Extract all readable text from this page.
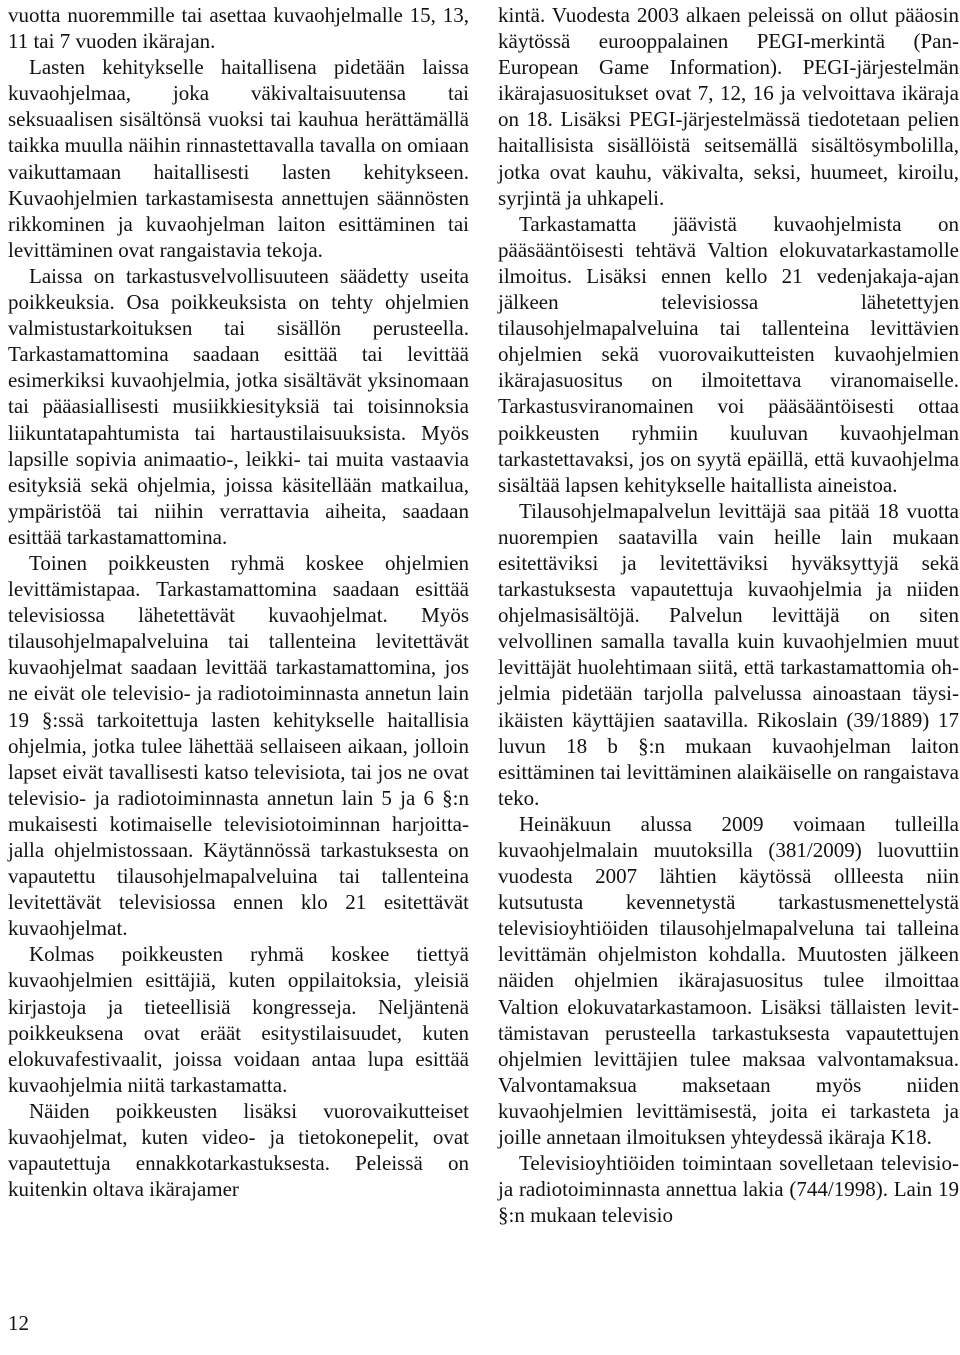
vuotta nuoremmille tai asettaa kuvaohjelmalle 15, 13, 11 tai 7 vuoden ikärajan.

Lasten kehitykselle haitallisena pidetään laissa kuvaohjelmaa, joka väkivaltaisuutensa tai seksuaalisen sisältönsä vuoksi tai kauhua herättämällä taikka muulla näihin rinnastettavalla tavalla on omiaan vaikuttamaan haitallisesti lasten kehitykseen. Kuvaohjelmien tarkastamisesta annettujen säännösten rikkominen ja kuvaohjelman laiton esittäminen tai levittäminen ovat rangaistavia tekoja.

Laissa on tarkastusvelvollisuuteen säädetty useita poikkeuksia. Osa poikkeuksista on tehty ohjelmien valmistustarkoituksen tai sisällön perusteella. Tarkastamattomina saadaan esittää tai levittää esimerkiksi kuvaohjelmia, jotka sisältävät yksinomaan tai pääasiallisesti musiikkiesityksiä tai toisinnoksia liikuntatapahtumista tai hartaustilaisuuksista. Myös lapsille sopivia animaatio-, leikki- tai muita vastaavia esityksiä sekä ohjelmia, joissa käsitellään matkailua, ympäristöä tai niihin verrattavia aiheita, saadaan esittää tarkastamattomina.

Toinen poikkeusten ryhmä koskee ohjelmien levittämistapaa. Tarkastamattomina saadaan esittää televisiossa lähetettävät kuvaohjelmat. Myös tilausohjelmapalveluina tai tallenteina levitettävät kuvaohjelmat saadaan levittää tarkastamattomina, jos ne eivät ole televisio- ja radiotoiminnasta annetun lain 19 §:ssä tarkoitettuja lasten kehitykselle haitallisia ohjelmia, jotka tulee lähettää sellaiseen aikaan, jolloin lapset eivät tavallisesti katso televisiota, tai jos ne ovat televisio- ja radiotoiminnasta annetun lain 5 ja 6 §:n mukaisesti kotimaiselle televisiotoiminnan harjoittajalla ohjelmistossaan. Käytännössä tarkastuksesta on vapautettu tilausohjelmapalveluina tai tallenteina levitettävät televisiossa ennen klo 21 esitettävät kuvaohjelmat.

Kolmas poikkeusten ryhmä koskee tiettyä kuvaohjelmien esittäjiä, kuten oppilaitoksia, yleisiä kirjastoja ja tieteellisiä kongresseja. Neljäntenä poikkeuksena ovat eräät esitystilaisuudet, kuten elokuvafestivaalit, joissa voidaan antaa lupa esittää kuvaohjelmia niitä tarkastamatta.

Näiden poikkeusten lisäksi vuorovaikutteiset kuvaohjelmat, kuten video- ja tietokonepelit, ovat vapautettuja ennakkotarkastuksesta. Peleissä on kuitenkin oltava ikärajamer

kintä. Vuodesta 2003 alkaen peleissä on ollut pääosin käytössä eurooppalainen PEGI-merkintä (Pan-European Game Information). PEGI-järjestelmän ikärajasuositukset ovat 7, 12, 16 ja velvoittava ikäraja on 18. Lisäksi PEGI-järjestelmässä tiedotetaan pelien haitallisista sisällöistä seitsemällä sisältösymbolilla, jotka ovat kauhu, väkivalta, seksi, huumeet, kiroilu, syrjintä ja uhkapeli.

Tarkastamatta jäävistä kuvaohjelmista on pääsääntöisesti tehtävä Valtion elokuvatarkastamolle ilmoitus. Lisäksi ennen kello 21 vedenjakaja-ajan jälkeen televisiossa lähetettyjen tilausohjelmapalveluina tai tallenteina levittävien ohjelmien sekä vuorovaikutteisten kuvaohjelmien ikärajasuositus on ilmoitettava viranomaiselle. Tarkastusviranomainen voi pääsääntöisesti ottaa poikkeusten ryhmiin kuuluvan kuvaohjelman tarkastettavaksi, jos on syytä epäillä, että kuvaohjelma sisältää lapsen kehitykselle haitallista aineistoa.

Tilausohjelmapalvelun levittäjä saa pitää 18 vuotta nuorempien saatavilla vain heille lain mukaan esitettäviksi ja levitettäviksi hyväksyttyjä sekä tarkastuksesta vapautettuja kuvaohjelmia ja niiden ohjelmasisältöjä. Palvelun levittäjä on siten velvollinen samalla tavalla kuin kuvaohjelmien muut levittäjät huolehtimaan siitä, että tarkastamattomia ohjelmia pidetään tarjolla palvelussa ainoastaan täysi-ikäisten käyttäjien saatavilla. Rikoslain (39/1889) 17 luvun 18 b §:n mukaan kuvaohjelman laiton esittäminen tai levittäminen alaikäiselle on rangaistava teko.

Heinäkuun alussa 2009 voimaan tulleilla kuvaohjelmalain muutoksilla (381/2009) luovuttiin vuodesta 2007 lähtien käytössä ollleesta niin kutsutusta kevennetystä tarkastusmenettelystä televisioyhtiöiden tilausohjelmapalveluna tai talleina levittämän ohjelmiston kohdalla. Muutosten jälkeen näiden ohjelmien ikärajasuositus tulee ilmoittaa Valtion elokuvatarkastamoon. Lisäksi tällaisten levittämistavan perusteella tarkastuksesta vapautettujen ohjelmien levittäjien tulee maksaa valvontamaksua. Valvontamaksua maksetaan myös niiden kuvaohjelmien levittämisestä, joita ei tarkasteta ja joille annetaan ilmoituksen yhteydessä ikäraja K18.

Televisioyhtiöiden toimintaan sovelletaan televisio- ja radiotoiminnasta annettua lakia (744/1998). Lain 19 §:n mukaan televisio

12
